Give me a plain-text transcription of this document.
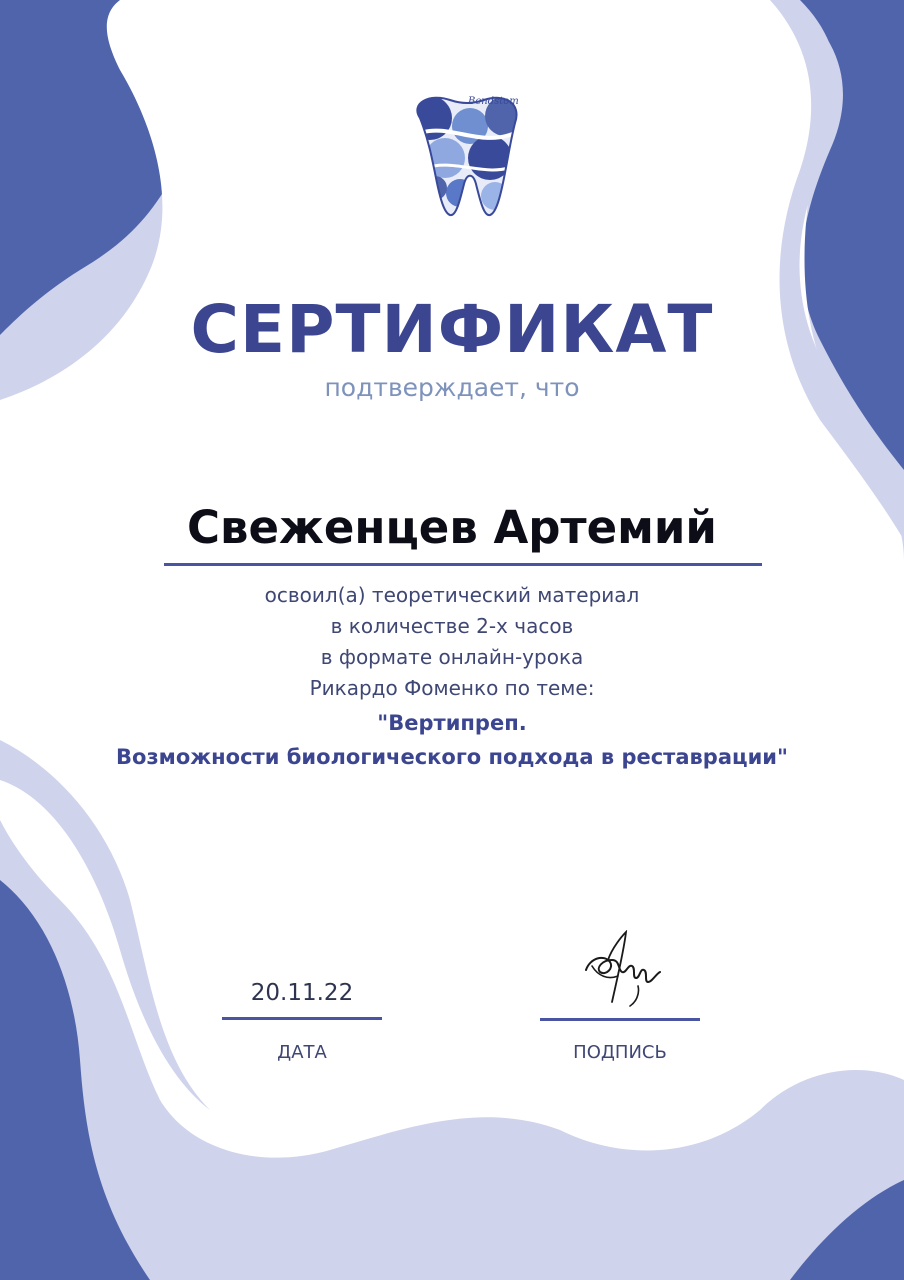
Bendstom
СЕРТИФИКАТ
подтверждает, что
Свеженцев Артемий
освоил(а) теоретический материал
в количестве 2-х часов
в формате онлайн-урока
Рикардо Фоменко по теме:
"Вертипреп.
Возможности биологического подхода в реставрации"
20.11.22
ДАТА	ПОДПИСЬ
